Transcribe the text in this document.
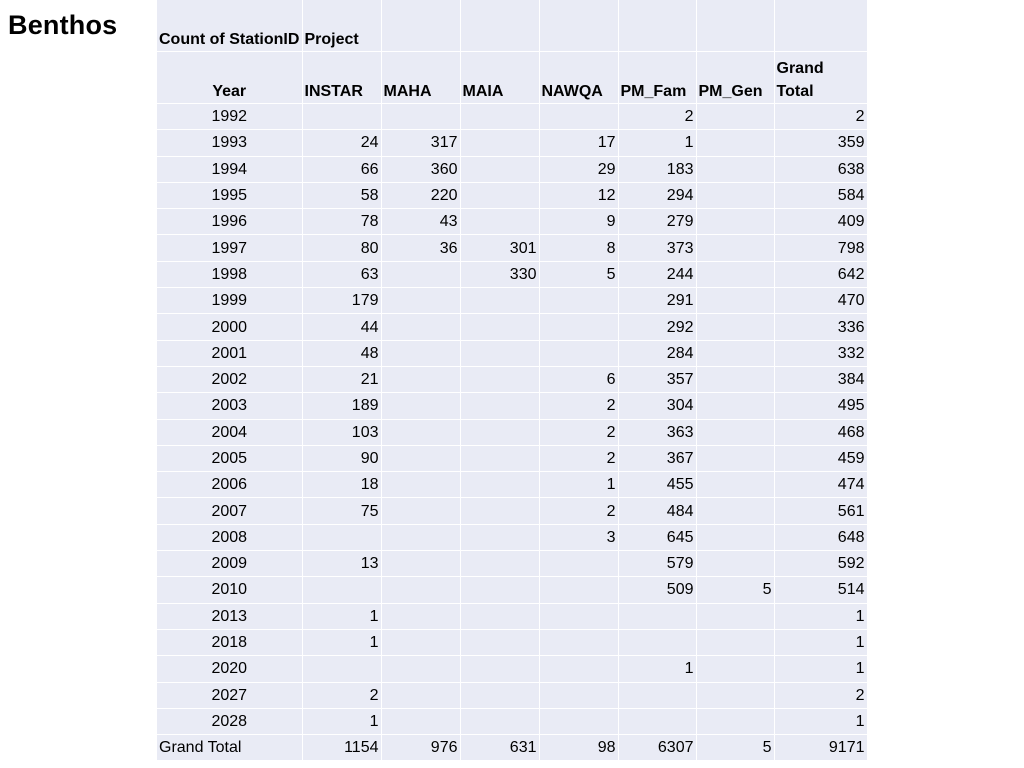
Benthos	Count of StationID	Project						
Year	INSTAR	MAHA	MAIA	NAWQA	PM_Fam	PM_Gen	Grand Total
1992					2		2
1993	24	317		17	1		359
1994	66	360		29	183		638
1995	58	220		12	294		584
1996	78	43		9	279		409
1997	80	36	301	8	373		798
1998	63		330	5	244		642
1999	179				291		470
2000	44				292		336
2001	48				284		332
2002	21			6	357		384
2003	189			2	304		495
2004	103			2	363		468
2005	90			2	367		459
2006	18			1	455		474
2007	75			2	484		561
2008				3	645		648
2009	13				579		592
2010					509	5	514
2013	1						1
2018	1						1
2020					1		1
2027	2						2
2028	1						1
Grand Total	1154	976	631	98	6307	5	9171
